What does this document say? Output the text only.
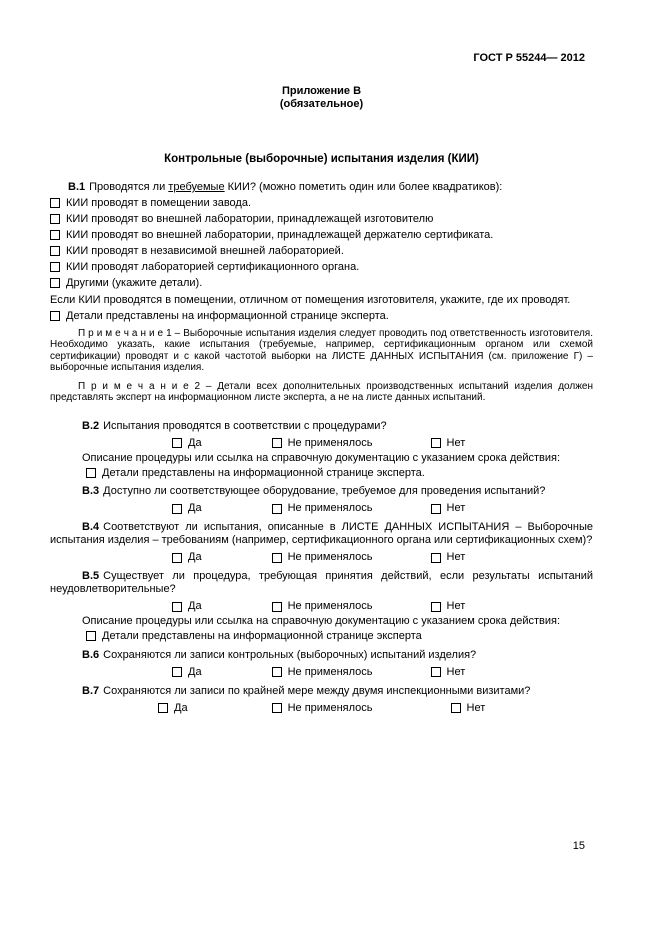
ГОСТ Р 55244— 2012
Приложение В
(обязательное)
Контрольные (выборочные) испытания изделия (КИИ)

В.1 Проводятся ли требуемые КИИ? (можно пометить один или более квадратиков):

КИИ проводят в помещении завода.
КИИ проводят во внешней лаборатории, принадлежащей изготовителю
КИИ проводят во внешней лаборатории, принадлежащей держателю сертификата.
КИИ проводят в независимой внешней лабораторией.
КИИ проводят лабораторией сертификационного органа.
Другими (укажите детали).
Если КИИ проводятся в помещении, отличном от помещения изготовителя, укажите, где их проводят.
Детали представлены на информационной странице эксперта.

П р и м е ч а н и е 1 – Выборочные испытания изделия следует проводить под ответственность изготовителя. Необходимо указать, какие испытания (требуемые, например, сертификационным органом или схемой сертификации) проводят и с какой частотой выборки на ЛИСТЕ ДАННЫХ ИСПЫТАНИЯ (см. приложение Г) – выборочные испытания изделия.

П р и м е ч а н и е 2 – Детали всех дополнительных производственных испытаний изделия должен представлять эксперт на информационном листе эксперта, а не на листе данных испытаний.

В.2 Испытания проводятся в соответствии с процедурами?

Да	Не применялось	Нет
Описание процедуры или ссылка на справочную документацию с указанием срока действия:
Детали представлены на информационной странице эксперта.

В.3 Доступно ли соответствующее оборудование, требуемое для проведения испытаний?

Да	Не применялось	Нет

В.4 Соответствуют ли испытания, описанные в ЛИСТЕ ДАННЫХ ИСПЫТАНИЯ – Выборочные испытания изделия – требованиям (например, сертификационного органа или сертификационных схем)?

Да	Не применялось	Нет

В.5 Существует ли процедура, требующая принятия действий, если результаты испытаний неудовлетворительные?

Да	Не применялось	Нет
Описание процедуры или ссылка на справочную документацию с указанием срока действия:
Детали представлены на информационной странице эксперта

В.6 Сохраняются ли записи контрольных (выборочных) испытаний изделия?

Да	Не применялось	Нет

В.7 Сохраняются ли записи по крайней мере между двумя инспекционными визитами?

Да	Не применялось	Нет
15
